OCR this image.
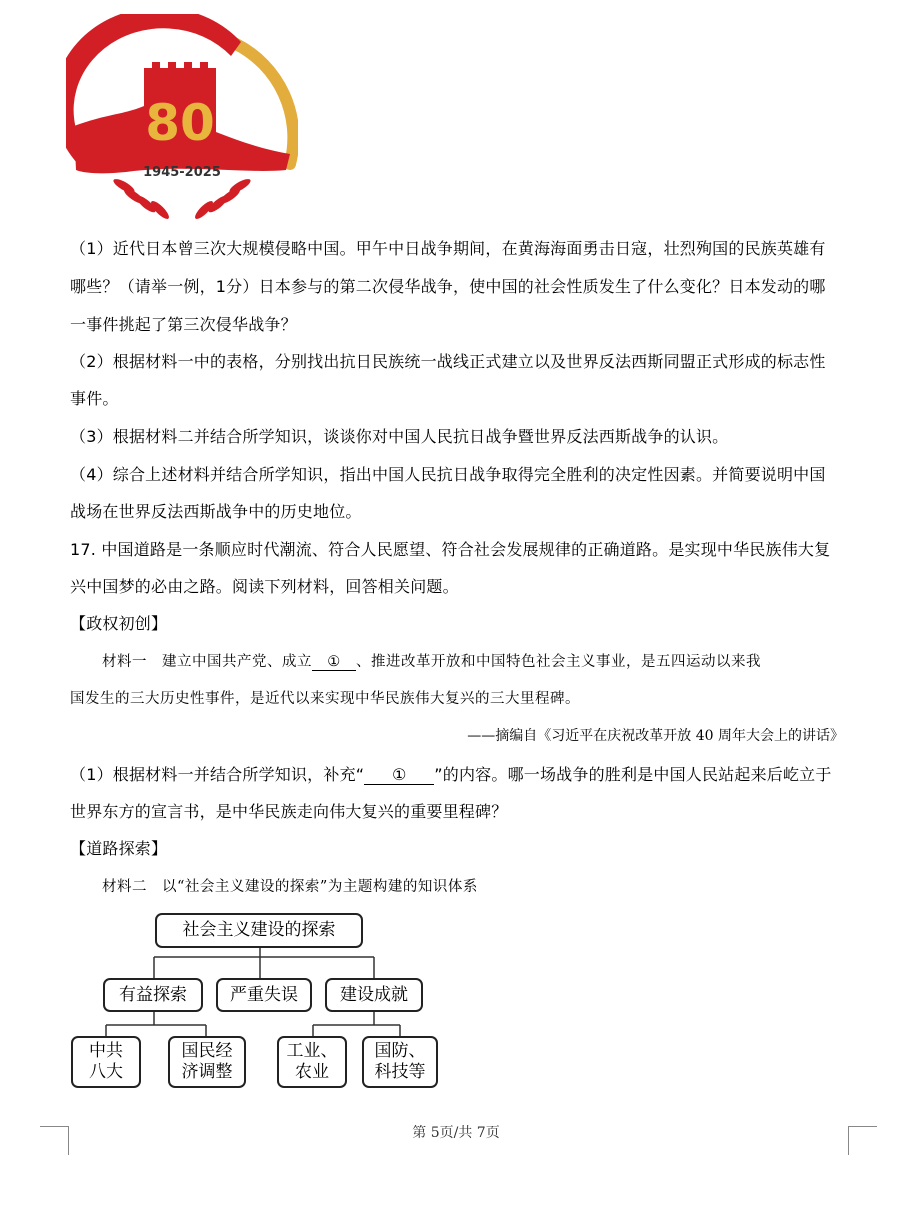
80
1945-2025
（1）近代日本曾三次大规模侵略中国。甲午中日战争期间，在黄海海面勇击日寇，壮烈殉国的民族英雄有
哪些？（请举一例，1分）日本参与的第二次侵华战争，使中国的社会性质发生了什么变化？日本发动的哪
一事件挑起了第三次侵华战争？
（2）根据材料一中的表格，分别找出抗日民族统一战线正式建立以及世界反法西斯同盟正式形成的标志性
事件。
（3）根据材料二并结合所学知识，谈谈你对中国人民抗日战争暨世界反法西斯战争的认识。
（4）综合上述材料并结合所学知识，指出中国人民抗日战争取得完全胜利的决定性因素。并简要说明中国
战场在世界反法西斯战争中的历史地位。
17. 中国道路是一条顺应时代潮流、符合人民愿望、符合社会发展规律的正确道路。是实现中华民族伟大复
兴中国梦的必由之路。阅读下列材料，回答相关问题。
【政权初创】
材料一　建立中国共产党、成立 ① 、推进改革开放和中国特色社会主义事业，是五四运动以来我
国发生的三大历史性事件，是近代以来实现中华民族伟大复兴的三大里程碑。
——摘编自《习近平在庆祝改革开放 40 周年大会上的讲话》
（1）根据材料一并结合所学知识，补充“ ① ”的内容。哪一场战争的胜利是中国人民站起来后屹立于
世界东方的宣言书，是中华民族走向伟大复兴的重要里程碑？
【道路探索】
材料二　以“社会主义建设的探索”为主题构建的知识体系
社会主义建设的探索
有益探索	严重失误	建设成就
中共
八大
国民经
济调整
工业、
农业
国防、
科技等
第 5页/共 7页
